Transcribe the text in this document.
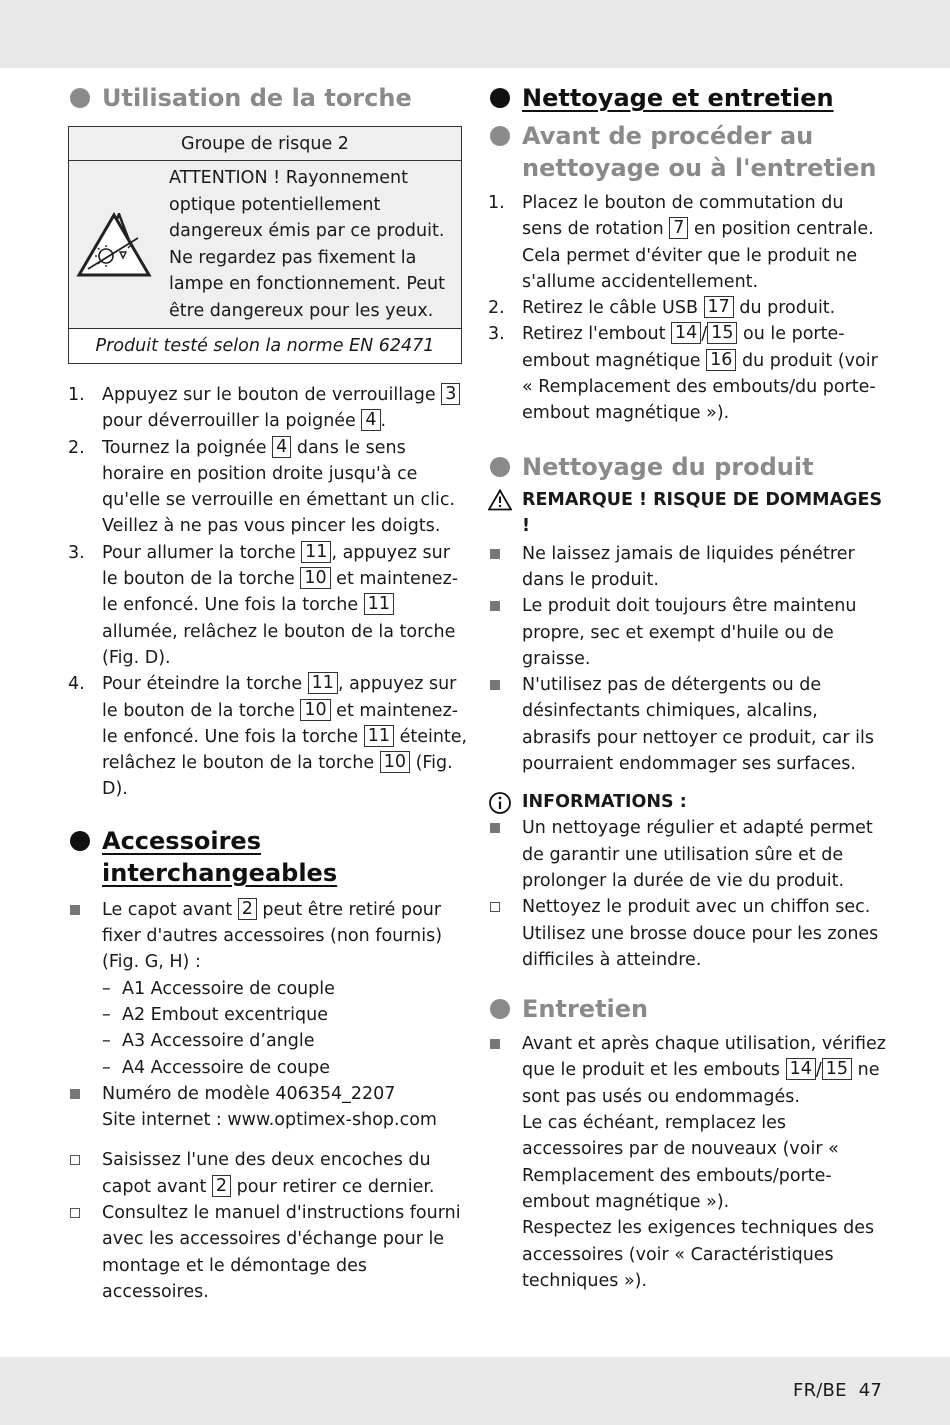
Utilisation de la torche
Groupe de risque 2
ATTENTION ! Rayonnement optique potentiellement dangereux émis par ce produit. Ne regardez pas fixement la lampe en fonctionnement. Peut être dangereux pour les yeux.
Produit testé selon la norme EN 62471
1. Appuyez sur le bouton de verrouillage 3 pour déverrouiller la poignée 4 .
2. Tournez la poignée 4 dans le sens horaire en position droite jusqu'à ce qu'elle se verrouille en émettant un clic. Veillez à ne pas vous pincer les doigts.
3. Pour allumer la torche 11 , appuyez sur le bouton de la torche 10 et maintenez-le enfoncé. Une fois la torche 11 allumée, relâchez le bouton de la torche (Fig. D).
4. Pour éteindre la torche 11 , appuyez sur le bouton de la torche 10 et maintenez-le enfoncé. Une fois la torche 11 éteinte, relâchez le bouton de la torche 10 (Fig. D).
Accessoires interchangeables
Le capot avant 2 peut être retiré pour fixer d'autres accessoires (non fournis) (Fig. G, H) :
– A1 Accessoire de couple
– A2 Embout excentrique
– A3 Accessoire d’angle
– A4 Accessoire de coupe
Numéro de modèle 406354_2207
Site internet : www.optimex-shop.com
Saisissez l'une des deux encoches du capot avant 2 pour retirer ce dernier.
Consultez le manuel d'instructions fourni avec les accessoires d'échange pour le montage et le démontage des accessoires.
Nettoyage et entretien
Avant de procéder au nettoyage ou à l'entretien
1. Placez le bouton de commutation du sens de rotation 7 en position centrale. Cela permet d'éviter que le produit ne s'allume accidentellement.
2. Retirez le câble USB 17 du produit.
3. Retirez l'embout 14 / 15 ou le porte-embout magnétique 16 du produit (voir « Remplacement des embouts/du porte-embout magnétique »).
Nettoyage du produit
REMARQUE ! RISQUE DE DOMMAGES !
Ne laissez jamais de liquides pénétrer dans le produit.
Le produit doit toujours être maintenu propre, sec et exempt d'huile ou de graisse.
N'utilisez pas de détergents ou de désinfectants chimiques, alcalins, abrasifs pour nettoyer ce produit, car ils pourraient endommager ses surfaces.
INFORMATIONS :
Un nettoyage régulier et adapté permet de garantir une utilisation sûre et de prolonger la durée de vie du produit.
Nettoyez le produit avec un chiffon sec. Utilisez une brosse douce pour les zones difficiles à atteindre.
Entretien
Avant et après chaque utilisation, vérifiez que le produit et les embouts 14 / 15 ne sont pas usés ou endommagés.
Le cas échéant, remplacez les accessoires par de nouveaux (voir « Remplacement des embouts/porte-embout magnétique »).
Respectez les exigences techniques des accessoires (voir « Caractéristiques techniques »).
FR/BE 47
